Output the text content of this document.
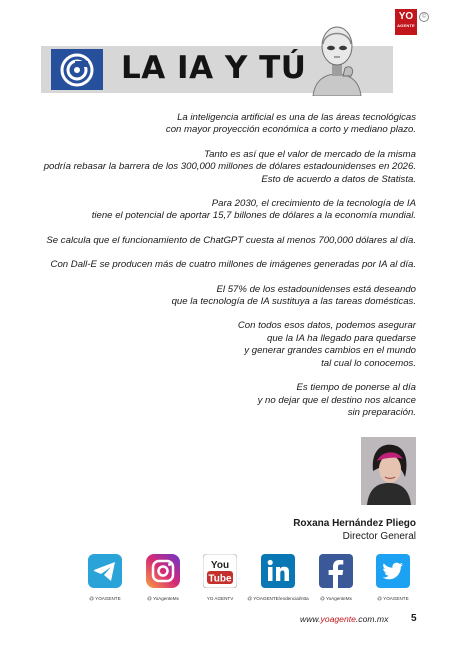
YO
AGENTE
©
LA IA Y TÚ

La inteligencia artificial es una de las áreas tecnológicas
con mayor proyección económica a corto y mediano plazo.

Tanto es así que el valor de mercado de la misma
podría rebasar la barrera de los 300,000 millones de dólares estadounidenses en 2026.
Esto de acuerdo a datos de Statista.

Para 2030, el crecimiento de la tecnología de IA
tiene el potencial de aportar 15,7 billones de dólares a la economía mundial.

Se calcula que el funcionamiento de ChatGPT cuesta al menos 700,000 dólares al día.

Con Dall-E se producen más de cuatro millones de imágenes generadas por IA al día.

El 57% de los estadounidenses está deseando
que la tecnología de IA sustituya a las tareas domésticas.

Con todos esos datos, podemos asegurar
que la IA ha llegado para quedarse
y generar grandes cambios en el mundo
tal cual lo conocemos.

Es tiempo de ponerse al día
y no dejar que el destino nos alcance
sin preparación.

Roxana Hernández Pliego
Director General
You
Tube
@ YOAGENTE	@ YoAgenteMx	YO AGENTV	@ YOAGENTE/endencial/ntta	@ YoAgenteMx	@ YOAGENTE
www.yoagente.com.mx 5
